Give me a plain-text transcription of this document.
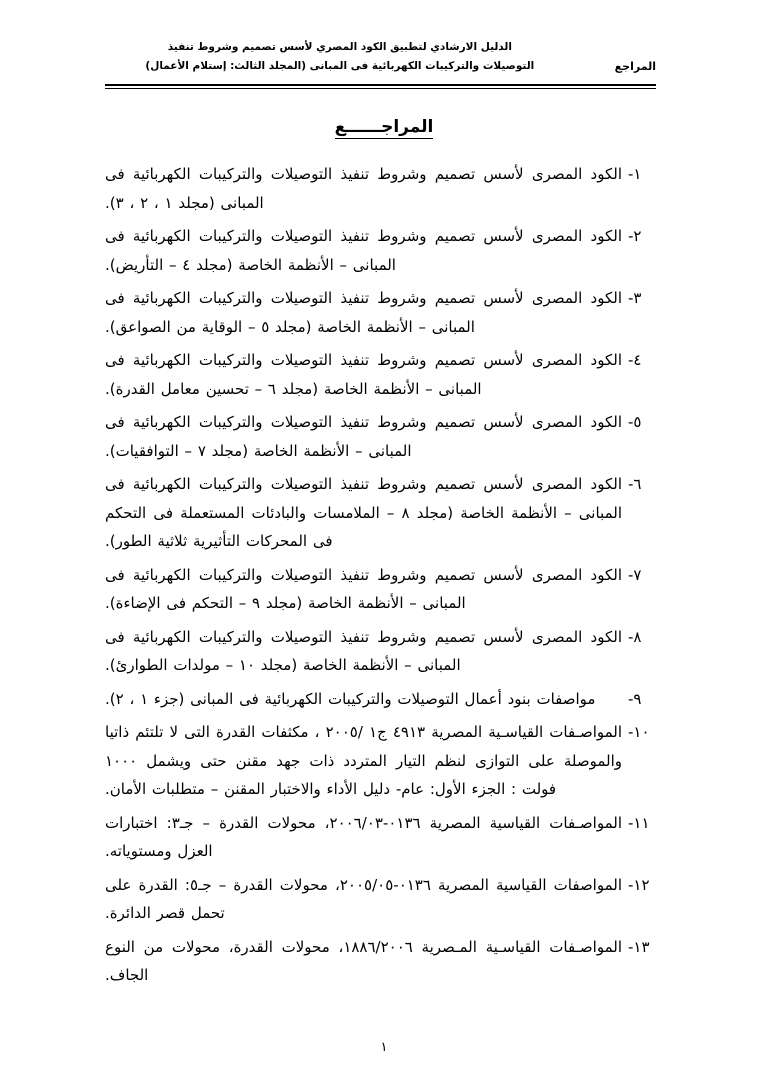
المراجع
الدليل الارشادي لتطبيق الكود المصري لأسس تصميم وشروط تنفيذ
التوصيلات والتركيبات الكهربائية فى المبانى (المجلد الثالث: إستلام الأعمال)
المراجــــــع
١-
الكود المصرى لأسس تصميم وشروط تنفيذ التوصيلات والتركيبات الكهربائية فى المبانى (مجلد ١ ، ٢ ، ٣).
٢-
الكود المصرى لأسس تصميم وشروط تنفيذ التوصيلات والتركيبات الكهربائية فى المبانى – الأنظمة الخاصة (مجلد ٤ – التأريض).
٣-
الكود المصرى لأسس تصميم وشروط تنفيذ التوصيلات والتركيبات الكهربائية فى المبانى – الأنظمة الخاصة (مجلد ٥ – الوقاية من الصواعق).
٤-
الكود المصرى لأسس تصميم وشروط تنفيذ التوصيلات والتركيبات الكهربائية فى المبانى – الأنظمة الخاصة (مجلد ٦ – تحسين معامل القدرة).
٥-
الكود المصرى لأسس تصميم وشروط تنفيذ التوصيلات والتركيبات الكهربائية فى المبانى – الأنظمة الخاصة (مجلد ٧ – التوافقيات).
٦-
الكود المصرى لأسس تصميم وشروط تنفيذ التوصيلات والتركيبات الكهربائية فى المبانى – الأنظمة الخاصة (مجلد ٨ – الملامسات والبادئات المستعملة فى التحكم فى المحركات التأثيرية ثلاثية الطور).
٧-
الكود المصرى لأسس تصميم وشروط تنفيذ التوصيلات والتركيبات الكهربائية فى المبانى – الأنظمة الخاصة (مجلد ٩ – التحكم فى الإضاءة).
٨-
الكود المصرى لأسس تصميم وشروط تنفيذ التوصيلات والتركيبات الكهربائية فى المبانى – الأنظمة الخاصة (مجلد ١٠ – مولدات الطوارئ).
٩-
مواصفات بنود أعمال التوصيلات والتركيبات الكهربائية فى المبانى (جزء ١ ، ٢).
١٠-
المواصـفات القياسـية المصرية ٤٩١٣ ج١ /٢٠٠٥ ، مكثفات القدرة التى لا تلتئم ذاتيا والموصلة على التوازى لنظم التيار المتردد ذات جهد مقنن حتى ويشمل ١٠٠٠ فولت : الجزء الأول: عام- دليل الأداء والاختبار المقنن – متطلبات الأمان.
١١-
المواصـفات القياسية المصرية ٠١٣٦-٢٠٠٦/٠٣، محولات القدرة – جـ٣: اختبارات العزل ومستوياته.
١٢-
المواصفات القياسية المصرية ٠١٣٦-٢٠٠٥/٠٥، محولات القدرة – جـ٥: القدرة على تحمل قصر الدائرة.
١٣-
المواصـفات القياسـية المـصرية ١٨٨٦/٢٠٠٦، محولات القدرة، محولات من النوع الجاف.
١
